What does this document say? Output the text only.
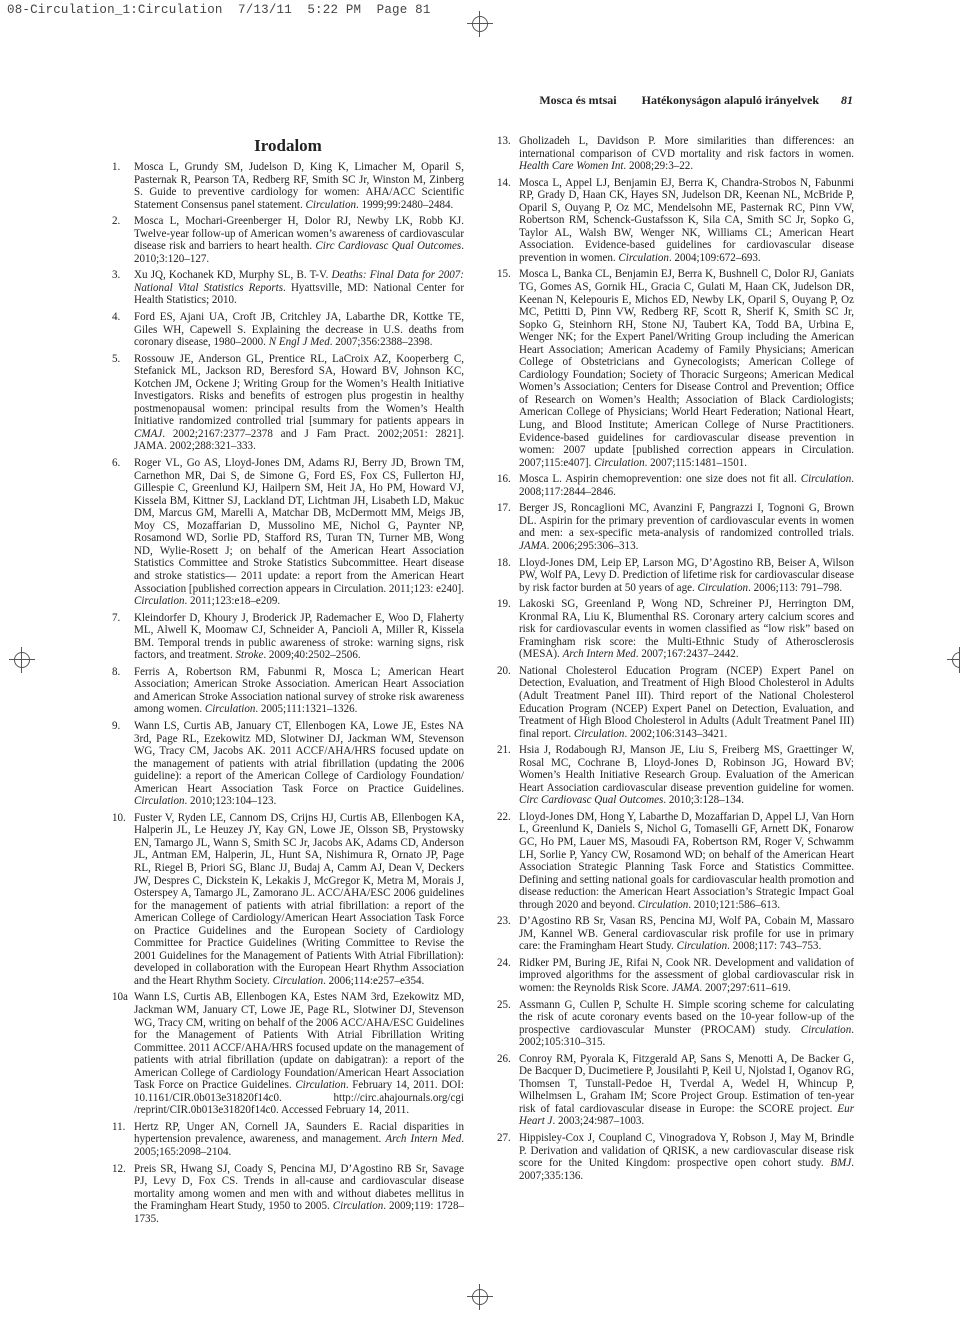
08-Circulation_1:Circulation  7/13/11  5:22 PM  Page 81
Mosca és mtsai Hatékonyságon alapuló irányelvek 81
Irodalom
1. Mosca L, Grundy SM, Judelson D, King K, Limacher M, Oparil S, Pasternak R, Pearson TA, Redberg RF, Smith SC Jr, Winston M, Zinberg S. Guide to preventive cardiology for women: AHA/ACC Scientific Statement Consensus panel statement. Circulation. 1999;99:2480–2484.
2. Mosca L, Mochari-Greenberger H, Dolor RJ, Newby LK, Robb KJ. Twelve-year follow-up of American women’s awareness of cardiovascular disease risk and barriers to heart health. Circ Cardiovasc Qual Outcomes. 2010;3:120–127.
3. Xu JQ, Kochanek KD, Murphy SL, B. T-V. Deaths: Final Data for 2007: National Vital Statistics Reports. Hyattsville, MD: National Center for Health Statistics; 2010.
4. Ford ES, Ajani UA, Croft JB, Critchley JA, Labarthe DR, Kottke TE, Giles WH, Capewell S. Explaining the decrease in U.S. deaths from coronary disease, 1980–2000. N Engl J Med. 2007;356:2388–2398.
5. Rossouw JE, Anderson GL, Prentice RL, LaCroix AZ, Kooperberg C, Stefanick ML, Jackson RD, Beresford SA, Howard BV, Johnson KC, Kotchen JM, Ockene J; Writing Group for the Women’s Health Initiative Investigators. Risks and benefits of estrogen plus progestin in healthy postmenopausal women: principal results from the Women’s Health Initiative randomized controlled trial [summary for patients appears in CMAJ. 2002;2167:2377–2378 and J Fam Pract. 2002;2051: 2821]. JAMA. 2002;288:321–333.
6. Roger VL, Go AS, Lloyd-Jones DM, Adams RJ, Berry JD, Brown TM, Carnethon MR, Dai S, de Simone G, Ford ES, Fox CS, Fullerton HJ, Gillespie C, Greenlund KJ, Hailpern SM, Heit JA, Ho PM, Howard VJ, Kissela BM, Kittner SJ, Lackland DT, Lichtman JH, Lisabeth LD, Makuc DM, Marcus GM, Marelli A, Matchar DB, McDermott MM, Meigs JB, Moy CS, Mozaffarian D, Mussolino ME, Nichol G, Paynter NP, Rosamond WD, Sorlie PD, Stafford RS, Turan TN, Turner MB, Wong ND, Wylie-Rosett J; on behalf of the American Heart Association Statistics Committee and Stroke Statistics Subcommittee. Heart disease and stroke statistics— 2011 update: a report from the American Heart Association [published correction appears in Circulation. 2011;123: e240]. Circulation. 2011;123:e18–e209.
7. Kleindorfer D, Khoury J, Broderick JP, Rademacher E, Woo D, Flaherty ML, Alwell K, Moomaw CJ, Schneider A, Pancioli A, Miller R, Kissela BM. Temporal trends in public awareness of stroke: warning signs, risk factors, and treatment. Stroke. 2009;40:2502–2506.
8. Ferris A, Robertson RM, Fabunmi R, Mosca L; American Heart Association; American Stroke Association. American Heart Association and American Stroke Association national survey of stroke risk awareness among women. Circulation. 2005;111:1321–1326.
9. Wann LS, Curtis AB, January CT, Ellenbogen KA, Lowe JE, Estes NA 3rd, Page RL, Ezekowitz MD, Slotwiner DJ, Jackman WM, Stevenson WG, Tracy CM, Jacobs AK. 2011 ACCF/AHA/HRS focused update on the management of patients with atrial fibrillation (updating the 2006 guideline): a report of the American College of Cardiology Foundation/ American Heart Association Task Force on Practice Guidelines. Circulation. 2010;123:104–123.
10. Fuster V, Ryden LE, Cannom DS, Crijns HJ, Curtis AB, Ellenbogen KA, Halperin JL, Le Heuzey JY, Kay GN, Lowe JE, Olsson SB, Prystowsky EN, Tamargo JL, Wann S, Smith SC Jr, Jacobs AK, Adams CD, Anderson JL, Antman EM, Halperin, JL, Hunt SA, Nishimura R, Ornato JP, Page RL, Riegel B, Priori SG, Blanc JJ, Budaj A, Camm AJ, Dean V, Deckers JW, Despres C, Dickstein K, Lekakis J, McGregor K, Metra M, Morais J, Osterspey A, Tamargo JL, Zamorano JL. ACC/AHA/ESC 2006 guidelines for the management of patients with atrial fibrillation: a report of the American College of Cardiology/American Heart Association Task Force on Practice Guidelines and the European Society of Cardiology Committee for Practice Guidelines (Writing Committee to Revise the 2001 Guidelines for the Management of Patients With Atrial Fibrillation): developed in collaboration with the European Heart Rhythm Association and the Heart Rhythm Society. Circulation. 2006;114:e257–e354.
10a Wann LS, Curtis AB, Ellenbogen KA, Estes NAM 3rd, Ezekowitz MD, Jackman WM, January CT, Lowe JE, Page RL, Slotwiner DJ, Stevenson WG, Tracy CM, writing on behalf of the 2006 ACC/AHA/ESC Guidelines for the Management of Patients With Atrial Fibrillation Writing Committee. 2011 ACCF/AHA/HRS focused update on the management of patients with atrial fibrillation (update on dabigatran): a report of the American College of Cardiology Foundation/American Heart Association Task Force on Practice Guidelines. Circulation. February 14, 2011. DOI: 10.1161/CIR.0b013e31820f14c0. http://circ.ahajournals.org/cgi /reprint/CIR.0b013e31820f14c0. Accessed February 14, 2011.
11. Hertz RP, Unger AN, Cornell JA, Saunders E. Racial disparities in hypertension prevalence, awareness, and management. Arch Intern Med. 2005;165:2098–2104.
12. Preis SR, Hwang SJ, Coady S, Pencina MJ, D’Agostino RB Sr, Savage PJ, Levy D, Fox CS. Trends in all-cause and cardiovascular disease mortality among women and men with and without diabetes mellitus in the Framingham Heart Study, 1950 to 2005. Circulation. 2009;119: 1728–1735.
13. Gholizadeh L, Davidson P. More similarities than differences: an international comparison of CVD mortality and risk factors in women. Health Care Women Int. 2008;29:3–22.
14. Mosca L, Appel LJ, Benjamin EJ, Berra K, Chandra-Strobos N, Fabunmi RP, Grady D, Haan CK, Hayes SN, Judelson DR, Keenan NL, McBride P, Oparil S, Ouyang P, Oz MC, Mendelsohn ME, Pasternak RC, Pinn VW, Robertson RM, Schenck-Gustafsson K, Sila CA, Smith SC Jr, Sopko G, Taylor AL, Walsh BW, Wenger NK, Williams CL; American Heart Association. Evidence-based guidelines for cardiovascular disease prevention in women. Circulation. 2004;109:672–693.
15. Mosca L, Banka CL, Benjamin EJ, Berra K, Bushnell C, Dolor RJ, Ganiats TG, Gomes AS, Gornik HL, Gracia C, Gulati M, Haan CK, Judelson DR, Keenan N, Kelepouris E, Michos ED, Newby LK, Oparil S, Ouyang P, Oz MC, Petitti D, Pinn VW, Redberg RF, Scott R, Sherif K, Smith SC Jr, Sopko G, Steinhorn RH, Stone NJ, Taubert KA, Todd BA, Urbina E, Wenger NK; for the Expert Panel/Writing Group including the American Heart Association; American Academy of Family Physicians; American College of Obstetricians and Gynecologists; American College of Cardiology Foundation; Society of Thoracic Surgeons; American Medical Women’s Association; Centers for Disease Control and Prevention; Office of Research on Women’s Health; Association of Black Cardiologists; American College of Physicians; World Heart Federation; National Heart, Lung, and Blood Institute; American College of Nurse Practitioners. Evidence-based guidelines for cardiovascular disease prevention in women: 2007 update [published correction appears in Circulation. 2007;115:e407]. Circulation. 2007;115:1481–1501.
16. Mosca L. Aspirin chemoprevention: one size does not fit all. Circulation. 2008;117:2844–2846.
17. Berger JS, Roncaglioni MC, Avanzini F, Pangrazzi I, Tognoni G, Brown DL. Aspirin for the primary prevention of cardiovascular events in women and men: a sex-specific meta-analysis of randomized controlled trials. JAMA. 2006;295:306–313.
18. Lloyd-Jones DM, Leip EP, Larson MG, D’Agostino RB, Beiser A, Wilson PW, Wolf PA, Levy D. Prediction of lifetime risk for cardiovascular disease by risk factor burden at 50 years of age. Circulation. 2006;113: 791–798.
19. Lakoski SG, Greenland P, Wong ND, Schreiner PJ, Herrington DM, Kronmal RA, Liu K, Blumenthal RS. Coronary artery calcium scores and risk for cardiovascular events in women classified as “low risk” based on Framingham risk score: the Multi-Ethnic Study of Atherosclerosis (MESA). Arch Intern Med. 2007;167:2437–2442.
20. National Cholesterol Education Program (NCEP) Expert Panel on Detection, Evaluation, and Treatment of High Blood Cholesterol in Adults (Adult Treatment Panel III). Third report of the National Cholesterol Education Program (NCEP) Expert Panel on Detection, Evaluation, and Treatment of High Blood Cholesterol in Adults (Adult Treatment Panel III) final report. Circulation. 2002;106:3143–3421.
21. Hsia J, Rodabough RJ, Manson JE, Liu S, Freiberg MS, Graettinger W, Rosal MC, Cochrane B, Lloyd-Jones D, Robinson JG, Howard BV; Women’s Health Initiative Research Group. Evaluation of the American Heart Association cardiovascular disease prevention guideline for women. Circ Cardiovasc Qual Outcomes. 2010;3:128–134.
22. Lloyd-Jones DM, Hong Y, Labarthe D, Mozaffarian D, Appel LJ, Van Horn L, Greenlund K, Daniels S, Nichol G, Tomaselli GF, Arnett DK, Fonarow GC, Ho PM, Lauer MS, Masoudi FA, Robertson RM, Roger V, Schwamm LH, Sorlie P, Yancy CW, Rosamond WD; on behalf of the American Heart Association Strategic Planning Task Force and Statistics Committee. Defining and setting national goals for cardiovascular health promotion and disease reduction: the American Heart Association’s Strategic Impact Goal through 2020 and beyond. Circulation. 2010;121:586–613.
23. D’Agostino RB Sr, Vasan RS, Pencina MJ, Wolf PA, Cobain M, Massaro JM, Kannel WB. General cardiovascular risk profile for use in primary care: the Framingham Heart Study. Circulation. 2008;117: 743–753.
24. Ridker PM, Buring JE, Rifai N, Cook NR. Development and validation of improved algorithms for the assessment of global cardiovascular risk in women: the Reynolds Risk Score. JAMA. 2007;297:611–619.
25. Assmann G, Cullen P, Schulte H. Simple scoring scheme for calculating the risk of acute coronary events based on the 10-year follow-up of the prospective cardiovascular Munster (PROCAM) study. Circulation. 2002;105:310–315.
26. Conroy RM, Pyorala K, Fitzgerald AP, Sans S, Menotti A, De Backer G, De Bacquer D, Ducimetiere P, Jousilahti P, Keil U, Njolstad I, Oganov RG, Thomsen T, Tunstall-Pedoe H, Tverdal A, Wedel H, Whincup P, Wilhelmsen L, Graham IM; Score Project Group. Estimation of ten-year risk of fatal cardiovascular disease in Europe: the SCORE project. Eur Heart J. 2003;24:987–1003.
27. Hippisley-Cox J, Coupland C, Vinogradova Y, Robson J, May M, Brindle P. Derivation and validation of QRISK, a new cardiovascular disease risk score for the United Kingdom: prospective open cohort study. BMJ. 2007;335:136.
